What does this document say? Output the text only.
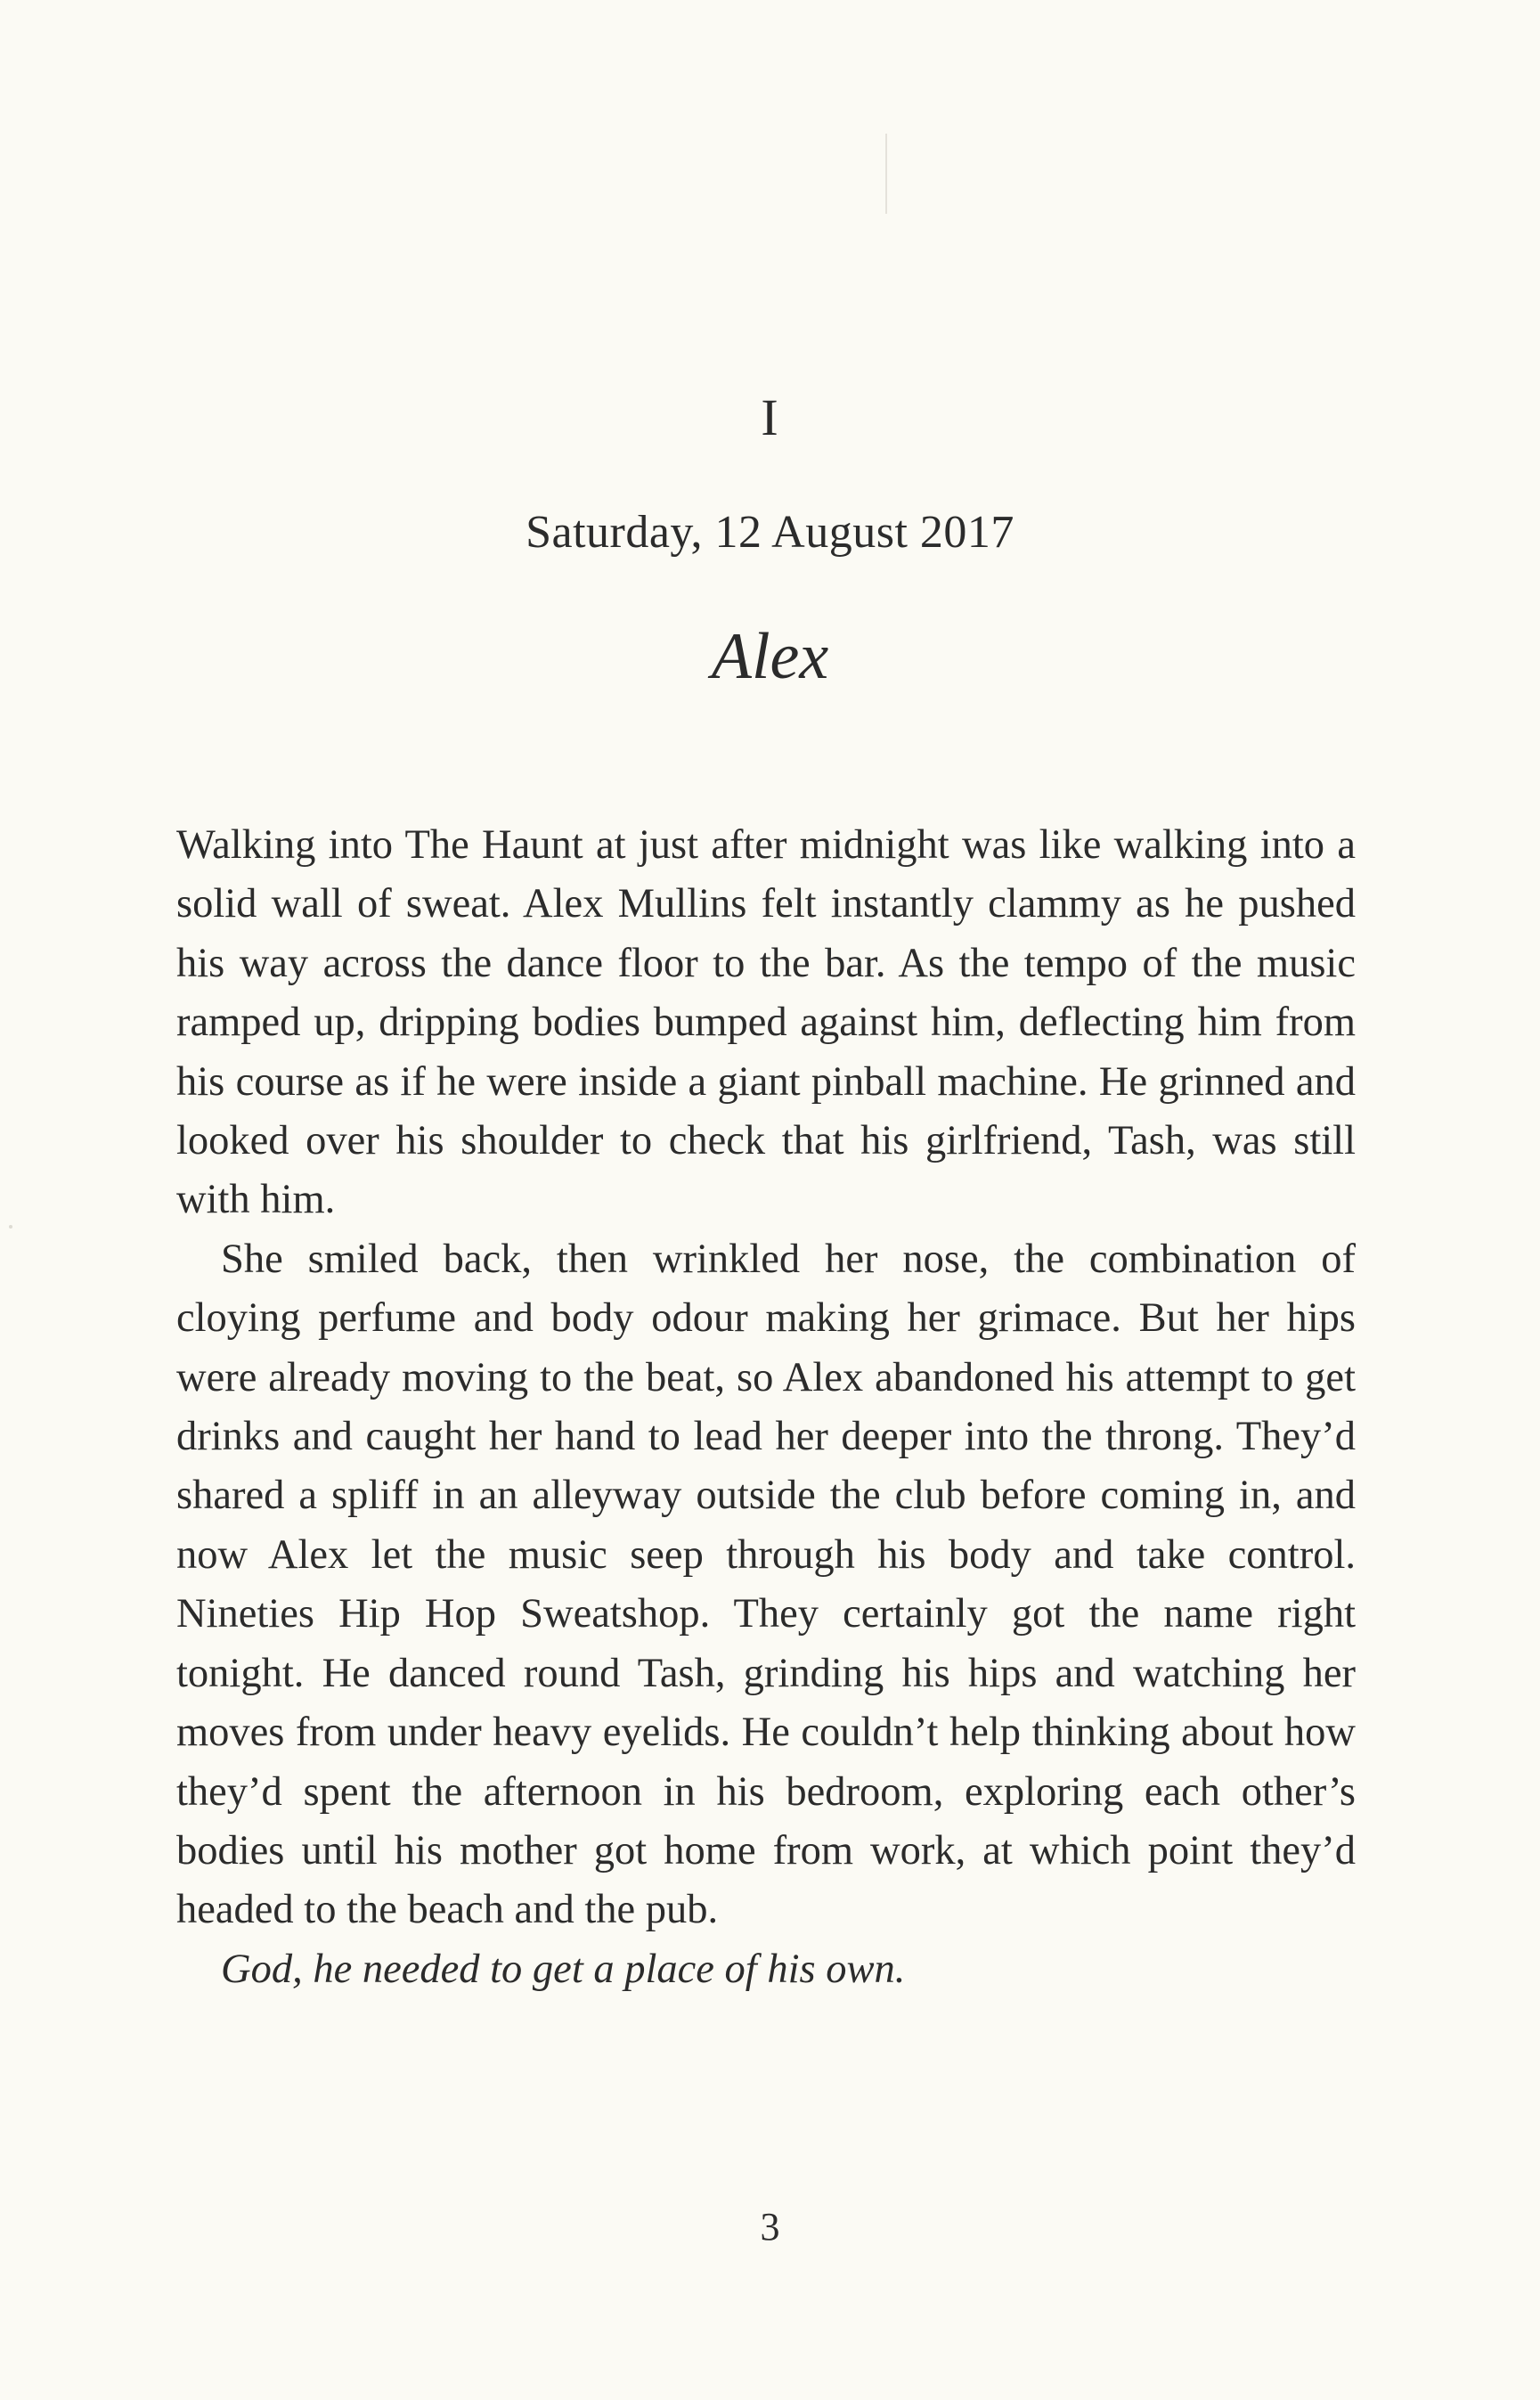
I
Saturday, 12 August 2017
Alex

Walking into The Haunt at just after midnight was like walking into a solid wall of sweat. Alex Mullins felt instantly clammy as he pushed his way across the dance floor to the bar. As the tempo of the music ramped up, dripping bodies bumped against him, deflecting him from his course as if he were inside a giant pinball machine. He grinned and looked over his shoulder to check that his girlfriend, Tash, was still with him.

She smiled back, then wrinkled her nose, the combination of cloying perfume and body odour making her grimace. But her hips were already moving to the beat, so Alex abandoned his attempt to get drinks and caught her hand to lead her deeper into the throng. They’d shared a spliff in an alleyway outside the club before coming in, and now Alex let the music seep through his body and take control. Nineties Hip Hop Sweatshop. They certainly got the name right tonight. He danced round Tash, grinding his hips and watching her moves from under heavy eyelids. He couldn’t help thinking about how they’d spent the afternoon in his bedroom, exploring each other’s bodies until his mother got home from work, at which point they’d headed to the beach and the pub.

God, he needed to get a place of his own.

3
